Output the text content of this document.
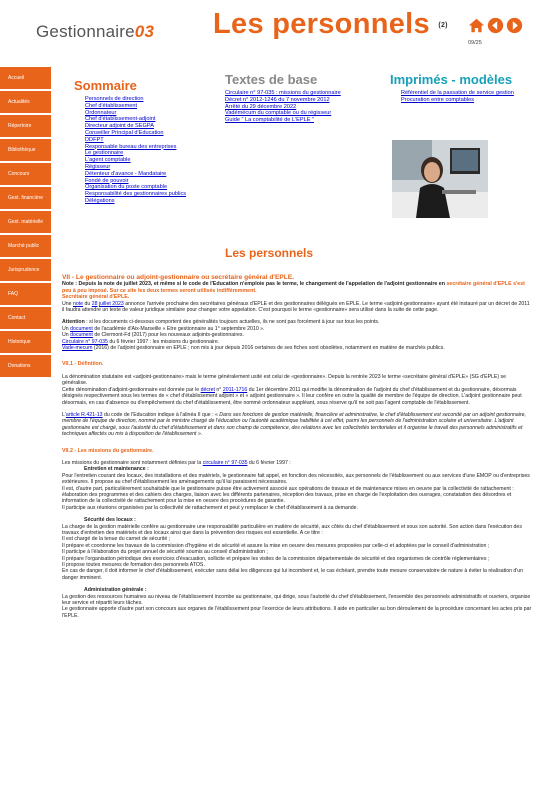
Gestionnaire03 Les personnels (2)
09/25
Accueil
Actualités
Répertoire
Bibliothèque
Concours
Gest. financière
Gest. matérielle
Marché public
Jurisprudence
FAQ
Contact
Historique
Donations
Sommaire
Personnels de direction
Chef d'établissement
Ordonnateur
Chef d'établissement-adjoint
Directeur adjoint de SEGPA
Conseiller Principal d'Education
DDFPT
Responsable bureau des entreprises
Le gestionnaire
L'agent comptable
Régisseur
Détenteur d'avance - Mandataire
Fondé de pouvoir
Organisation du poste comptable
Responsabilité des gestionnaires publics
Délégations
Textes de base
Circulaire n° 97-035 : missions du gestionnaire
Décret n° 2012-1246 du 7 novembre 2012
Arrêté du 29 décembre 2022
Vadémécum du comptable ou du régisseur
Guide " La comptabilité de L'EPLE "
Imprimés - modèles
Référentiel de la passation de service gestion
Procuration entre comptables
Les personnels

VII - Le gestionnaire ou adjoint-gestionnaire ou secrétaire général d'EPLE.

Note : Depuis la note de juillet 2023, et même si le code de l'Education n'emploie pas le terme, le changement de l'appelation de l'adjoint gestionnaire en secrétaire général d'EPLE s'est peu à peu imposé. Sur ce site les deux termes seront utilisés indifféremment.

Secrétaire général d'EPLE.

Une note du 28 juillet 2023 annonce l'arrivée prochaine des secrétaires généraux d'EPLE et des gestionnaires délégués en EPLE. Le terme «adjoint-gestionnaire» ayant été instauré par un décret de 2011 il faudra attendre un texte de valeur juridique similaire pour changer votre appelation. C'est pourquoi le terme «gestionnaire» sera utilisé dans la suite de cette page.

Attention : si les documents ci-dessous comportent des généralités toujours actuelles, ils ne sont pas forcément à jour sur tous les points.

Un document de l'académie d'Aix-Marseille « Etre gestionnaire au 1° septembre 2010 ».

Un document de Clermont-Fd (2017) pour les nouveaux adjoints-gestionnaires.

Circulaire n° 97-035 du 6 février 1997 : les missions du gestionnaire.

Vade-mecum (2016) de l'adjoint gestionnaire en EPLE ; non mis à jour depuis 2016 certaines de ses fiches sont obsolètes, notamment en matière de marchés publics.

VII.1 - Définition.

La dénomination statutaire est «adjoint-gestionnaire» mais le terme généralement usité est celui de «gestionnaire». Depuis la rentrée 2023 le terme «secrétaire général d'EPLE» (SG d'EPLE) se généralise.

Cette dénomination d'adjoint-gestionnaire est donnée par le décret n° 2011-1716 du 1er décembre 2011 qui modifie la dénomination de l'adjoint du chef d'établissement et du gestionnaire, désormais désignés respectivement sous les termes de « chef d'établissement adjoint » et « adjoint gestionnaire ». Il leur confère en outre la qualité de membre de l'équipe de direction. L'adjoint gestionnaire peut désormais, en cas d'absence ou d'empêchement du chef d'établissement, être nommé ordonnateur suppléant, sous réserve qu'il ne soit pas l'agent comptable de l'établissement.

L'article R.421-13 du code de l'Education indique à l'alinéa II que : « Dans ses fonctions de gestion matérielle, financière et administrative, le chef d'établissement est secondé par un adjoint gestionnaire, membre de l'équipe de direction, nommé par le ministre chargé de l'éducation ou l'autorité académique habilitée à cet effet, parmi les personnels de l'administration scolaire et universitaire. L'adjoint gestionnaire est chargé, sous l'autorité du chef d'établissement et dans son champ de compétence, des relations avec les collectivités territoriales et il organise le travail des personnels administratifs et techniques affectés ou mis à disposition de l'établissement ».

VII.2 - Les missions du gestionnaire.

Les missions du gestionnaire sont notamment définies par la circulaire n° 97-035 du 6 février 1997 :

Entretien et maintenance :

Pour l'entretien courant des locaux, des installations et des matériels, le gestionnaire fait appel, en fonction des nécessités, aux personnels de l'établissement ou aux services d'une EMOP ou d'entreprises extérieures. Il propose au chef d'établissement les aménagements qu'il lui paraissent nécessaires.

Il est, d'autre part, particulièrement souhaitable que le gestionnaire puisse être activement associé aux opérations de travaux et de maintenance mises en oeuvre par la collectivité de rattachement : élaboration des programmes et des cahiers des charges, liaison avec les différents partenaires, réception des travaux, prise en charge de l'exploitation des ouvrages, constatation des désordres et information de la collectivité de rattachement pour la mise en oeuvre des procédures de garantie.

Il participe aux réunions organisées par la collectivité de rattachement et peut y remplacer le chef d'établissement à sa demande.

Sécurité des locaux :

La charge de la gestion matérielle confère au gestionnaire une responsabilité particulière en matière de sécurité, aux côtés du chef d'établissement et sous son autorité. Son action dans l'exécution des travaux d'entretien des matériels et des locaux ainsi que dans la prévention des risques est essentielle. A ce titre :

Il est chargé de la tenue du carnet de sécurité ;

Il prépare et coordonne les travaux de la commission d'hygiène et de sécurité et assure la mise en oeuvre des mesures proposées par celle-ci et adoptées par le conseil d'administration ;

Il participe à l'élaboration du projet annuel de sécurité soumis au conseil d'administration ;

Il prépare l'organisation périodique des exercices d'évacuation, sollicite et prépare les visites de la commission départementale de sécurité et des organismes de contrôle réglementaires ;

Il propose toutes mesures de formation des personnels ATOS.

En cas de danger, il doit informer le chef d'établissement, exécuter sans délai les diligences qui lui incombent et, le cas échéant, prendre toute mesure conservatoire de nature à éviter la réalisation d'un danger imminent.

Administration générale :

La gestion des ressources humaines au niveau de l'établissement incombe au gestionnaire, qui dirige, sous l'autorité du chef d'établissement, l'ensemble des personnels administratifs et ouvriers, organise leur service et répartit leurs tâches.

Le gestionnaire apporte d'autre part son concours aux organes de l'établissement pour l'exercice de leurs attributions. Il aide en particulier au bon déroulement de la procédure concernant les actes pris par l'EPLE.
